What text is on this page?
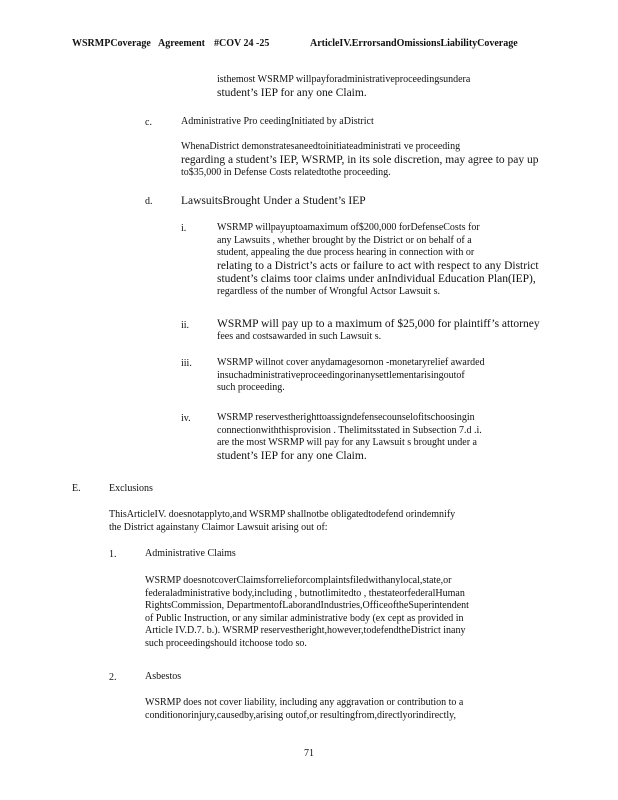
WSRMPCoverage Agreement #COV 24 -25	ArticleIV.ErrorsandOmissionsLiabilityCoverage
isthemost WSRMP willpayforadministrativeproceedingsundera
student’s IEP for any one Claim.
c.	Administrative Pro ceedingInitiated by aDistrict
WhenaDistrict demonstratesaneedtoinitiateadministrati ve proceeding
regarding a student’s IEP, WSRMP, in its sole discretion, may agree to pay up
to$35,000 in Defense Costs relatedtothe proceeding.
d. LawsuitsBrought Under a Student’s IEP
i.	WSRMP willpayuptoamaximum of$200,000 forDefenseCosts for
any Lawsuits , whether brought by the District or on behalf of a
student, appealing the due process hearing in connection with or
relating to a District’s acts or failure to act with respect to any District
student’s claims toor claims under anIndividual Education Plan(IEP),
regardless of the number of Wrongful Actsor Lawsuit s.
ii. WSRMP will pay up to a maximum of $25,000 for plaintiff’s attorney
fees and costsawarded in such Lawsuit s.
iii.	WSRMP willnot cover anydamagesornon -monetaryrelief awarded
insuchadministrativeproceedingorinanysettlementarisingoutof
such proceeding.
iv.	WSRMP reservestherighttoassigndefensecounselofitschoosingin
connectionwiththisprovision . Thelimitsstated in Subsection 7.d .i.
are the most WSRMP will pay for any Lawsuit s brought under a
student’s IEP for any one Claim.
E.	Exclusions
ThisArticleIV. doesnotapplyto,and WSRMP shallnotbe obligatedtodefend orindemnify
the District againstany Claimor Lawsuit arising out of:
1.	Administrative Claims
WSRMP doesnotcoverClaimsforrelieforcomplaintsfiledwithanylocal,state,or
federaladministrative body,including , butnotlimitedto , thestateorfederalHuman
RightsCommission, DepartmentofLaborandIndustries,OfficeoftheSuperintendent
of Public Instruction, or any similar administrative body (ex cept as provided in
Article IV.D.7. b.). WSRMP reservestheright,however,todefendtheDistrict inany
such proceedingshould itchoose todo so.
2.	Asbestos
WSRMP does not cover liability, including any aggravation or contribution to a
conditionorinjury,causedby,arising outof,or resultingfrom,directlyorindirectly,
71
